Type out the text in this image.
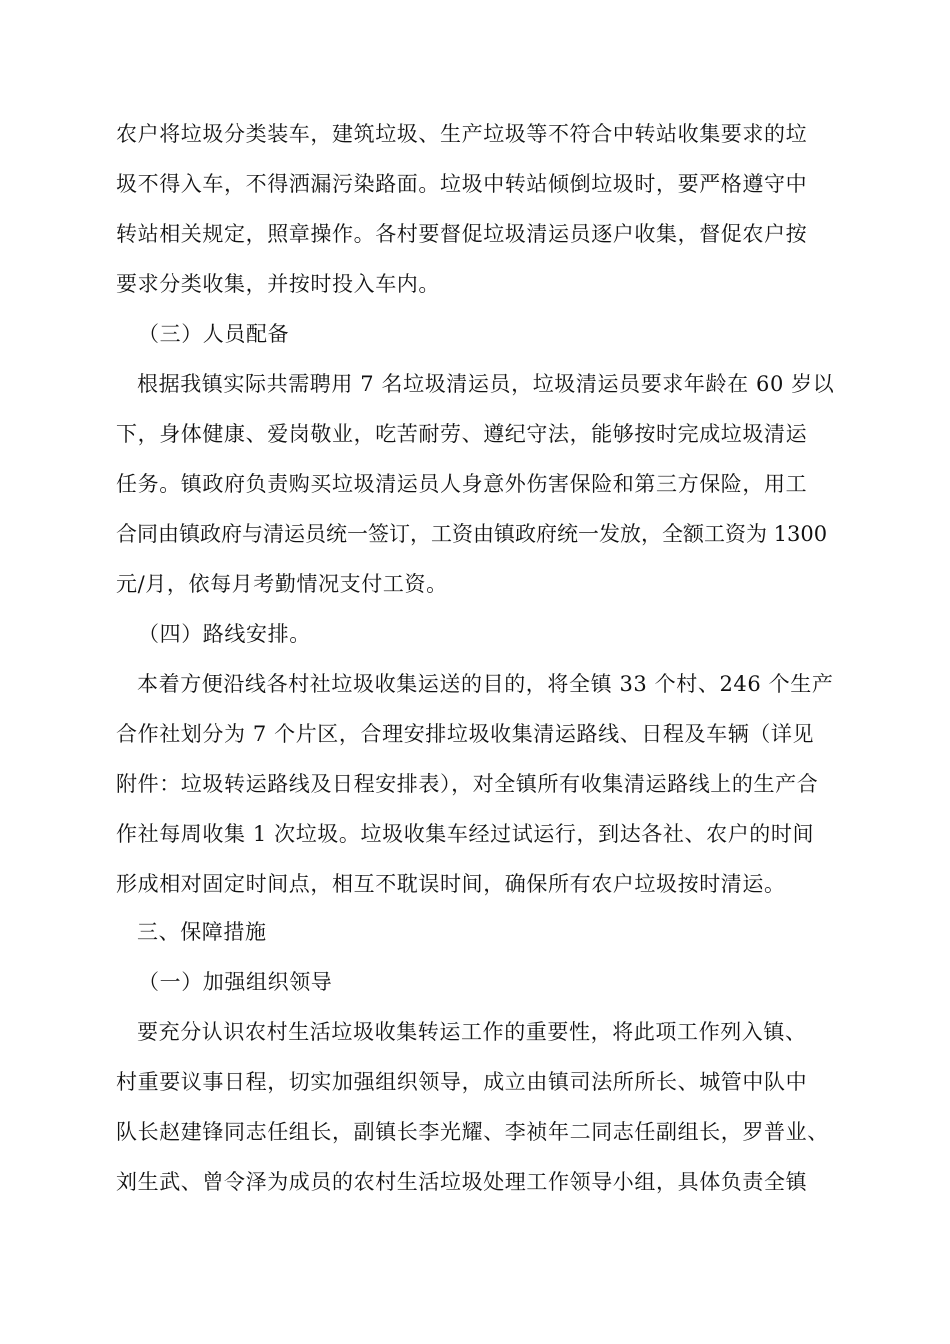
农户将垃圾分类装车，建筑垃圾、生产垃圾等不符合中转站收集要求的垃
圾不得入车，不得洒漏污染路面。垃圾中转站倾倒垃圾时，要严格遵守中
转站相关规定，照章操作。各村要督促垃圾清运员逐户收集，督促农户按
要求分类收集，并按时投入车内。
（三）人员配备
根据我镇实际共需聘用 7 名垃圾清运员，垃圾清运员要求年龄在 60 岁以
下，身体健康、爱岗敬业，吃苦耐劳、遵纪守法，能够按时完成垃圾清运
任务。镇政府负责购买垃圾清运员人身意外伤害保险和第三方保险，用工
合同由镇政府与清运员统一签订，工资由镇政府统一发放，全额工资为 1300
元/月，依每月考勤情况支付工资。
（四）路线安排。
本着方便沿线各村社垃圾收集运送的目的，将全镇 33 个村、246 个生产
合作社划分为 7 个片区，合理安排垃圾收集清运路线、日程及车辆（详见
附件：垃圾转运路线及日程安排表），对全镇所有收集清运路线上的生产合
作社每周收集 1 次垃圾。垃圾收集车经过试运行，到达各社、农户的时间
形成相对固定时间点，相互不耽误时间，确保所有农户垃圾按时清运。
三、保障措施
（一）加强组织领导
要充分认识农村生活垃圾收集转运工作的重要性，将此项工作列入镇、
村重要议事日程，切实加强组织领导，成立由镇司法所所长、城管中队中
队长赵建锋同志任组长，副镇长李光耀、李祯年二同志任副组长，罗普业、
刘生武、曾令泽为成员的农村生活垃圾处理工作领导小组，具体负责全镇
